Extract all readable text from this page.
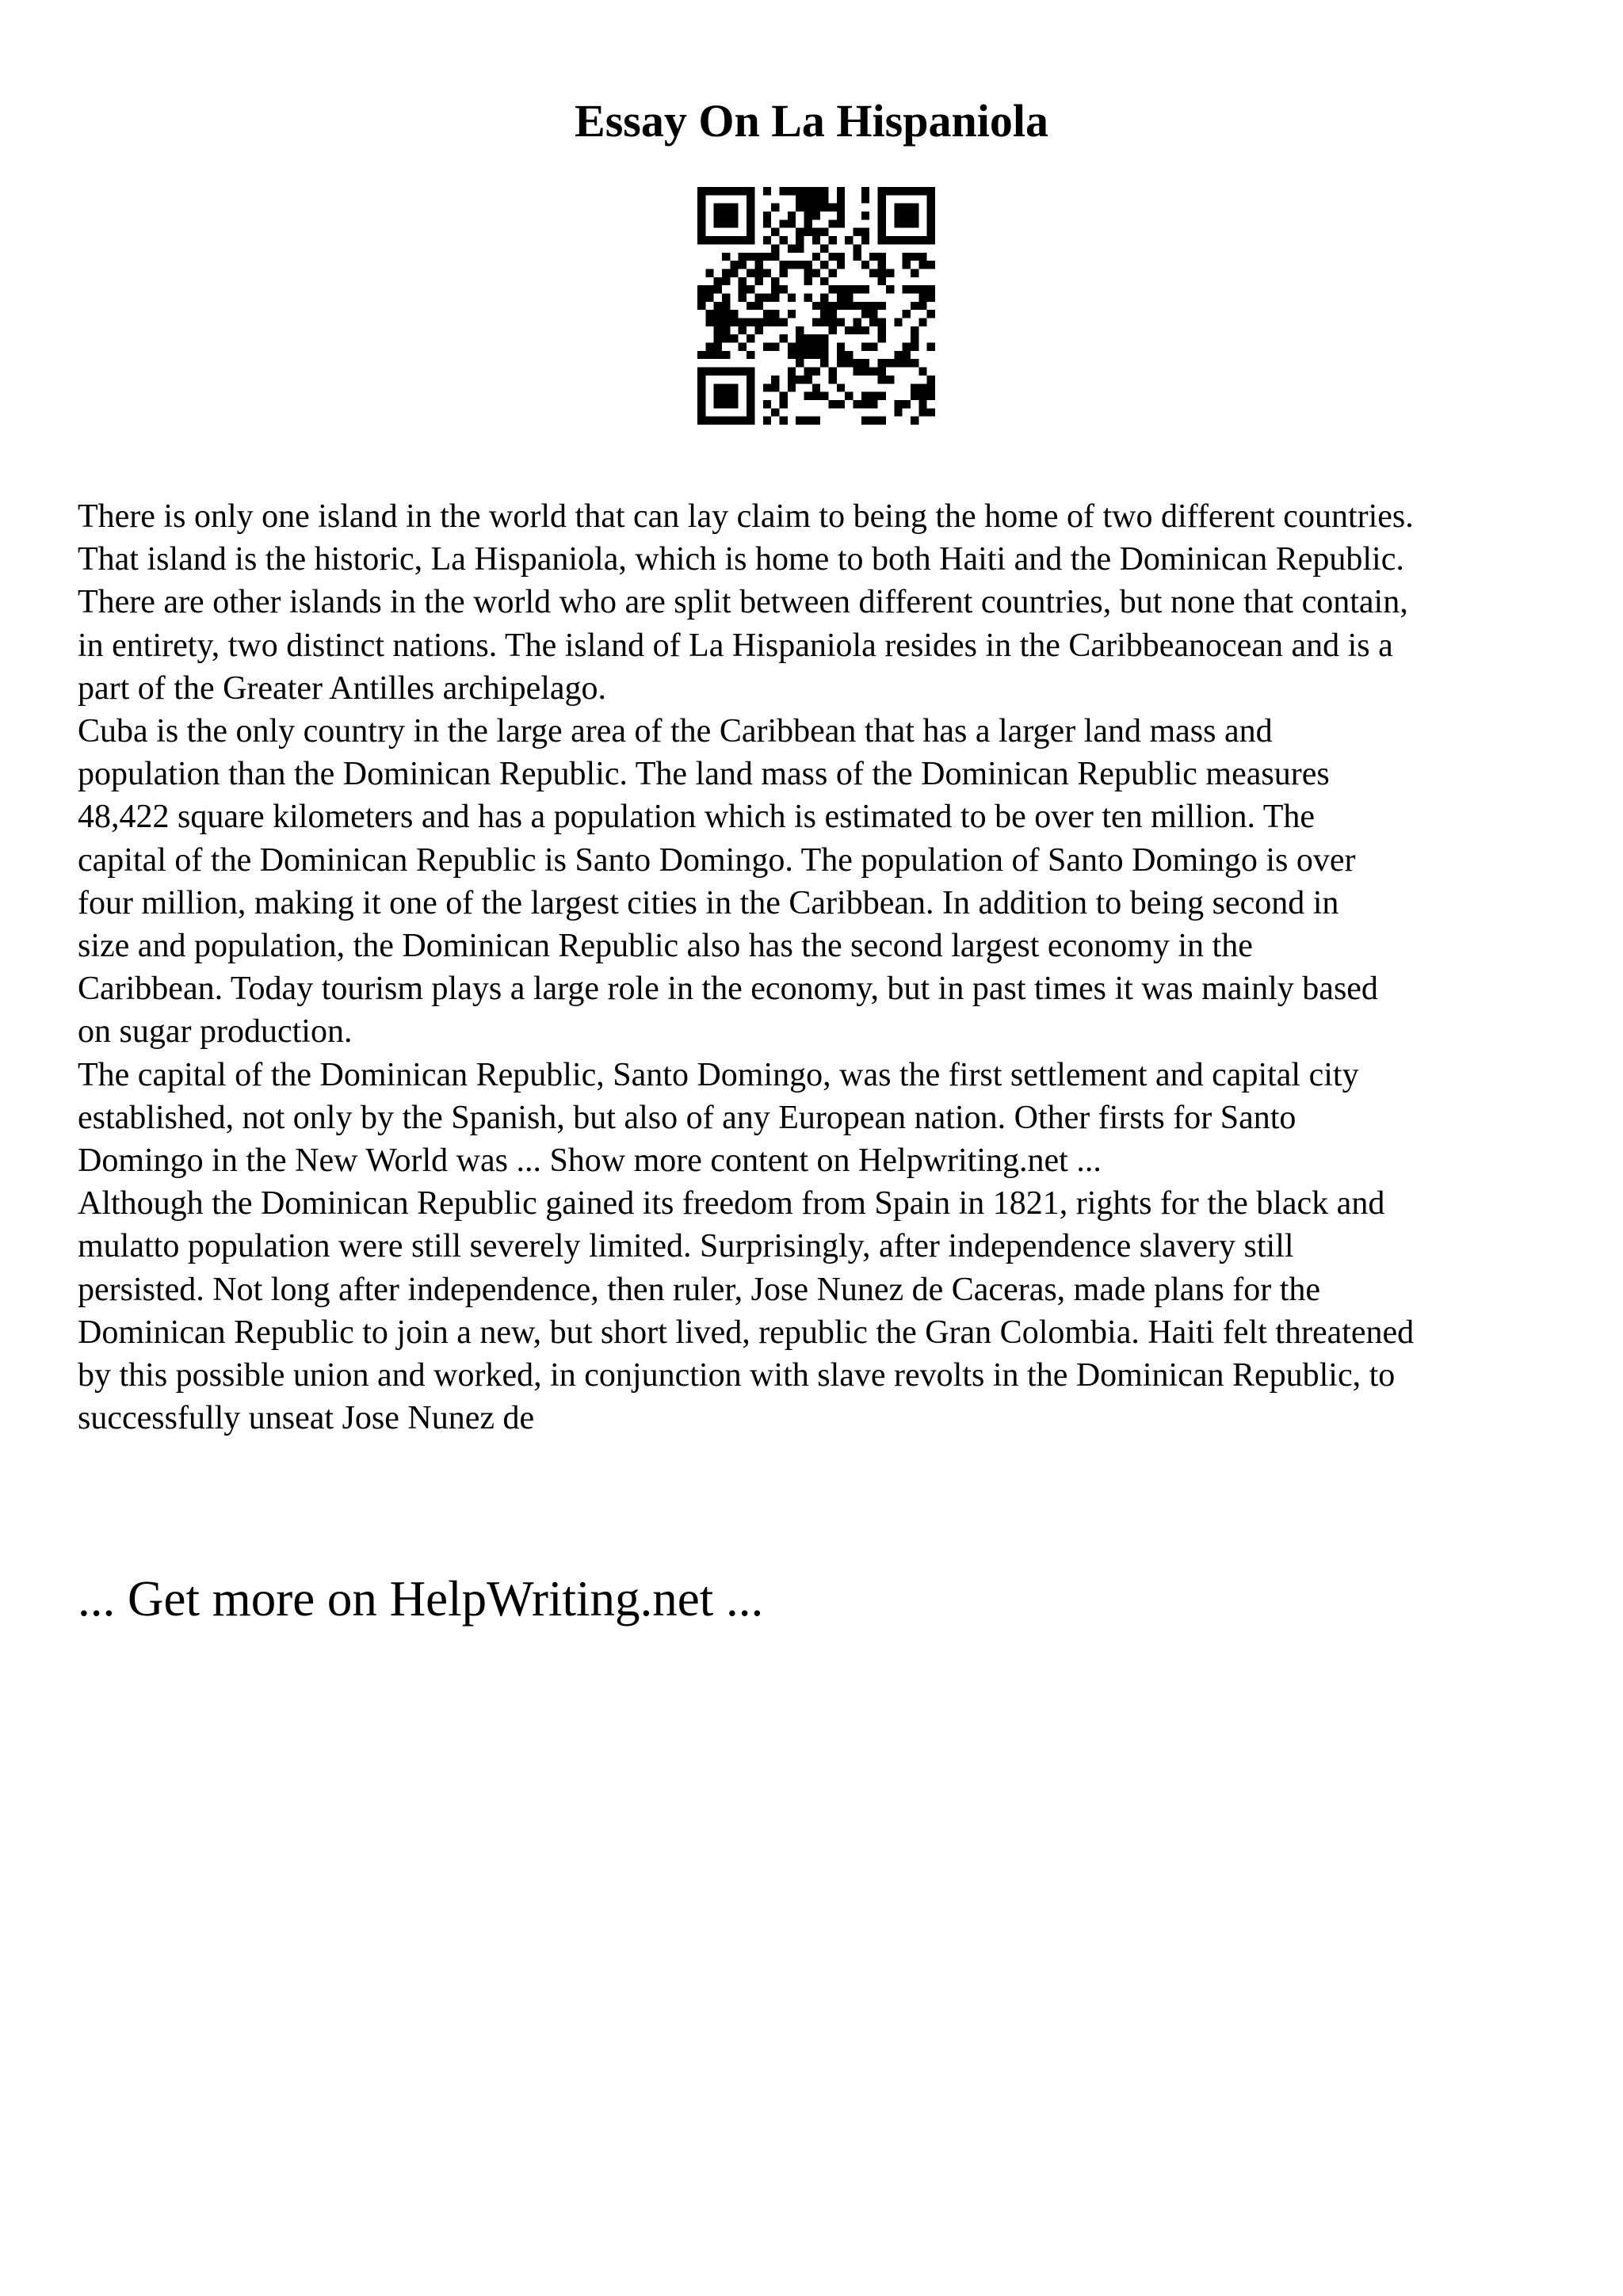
Essay On La Hispaniola

There is only one island in the world that can lay claim to being the home of two different countries.
That island is the historic, La Hispaniola, which is home to both Haiti and the Dominican Republic.
There are other islands in the world who are split between different countries, but none that contain,
in entirety, two distinct nations. The island of La Hispaniola resides in the Caribbeanocean and is a
part of the Greater Antilles archipelago.

Cuba is the only country in the large area of the Caribbean that has a larger land mass and
population than the Dominican Republic. The land mass of the Dominican Republic measures
48,422 square kilometers and has a population which is estimated to be over ten million. The
capital of the Dominican Republic is Santo Domingo. The population of Santo Domingo is over
four million, making it one of the largest cities in the Caribbean. In addition to being second in
size and population, the Dominican Republic also has the second largest economy in the
Caribbean. Today tourism plays a large role in the economy, but in past times it was mainly based
on sugar production.

The capital of the Dominican Republic, Santo Domingo, was the first settlement and capital city
established, not only by the Spanish, but also of any European nation. Other firsts for Santo
Domingo in the New World was ... Show more content on Helpwriting.net ...
Although the Dominican Republic gained its freedom from Spain in 1821, rights for the black and
mulatto population were still severely limited. Surprisingly, after independence slavery still
persisted. Not long after independence, then ruler, Jose Nunez de Caceras, made plans for the
Dominican Republic to join a new, but short lived, republic the Gran Colombia. Haiti felt threatened
by this possible union and worked, in conjunction with slave revolts in the Dominican Republic, to
successfully unseat Jose Nunez de

... Get more on HelpWriting.net ...
